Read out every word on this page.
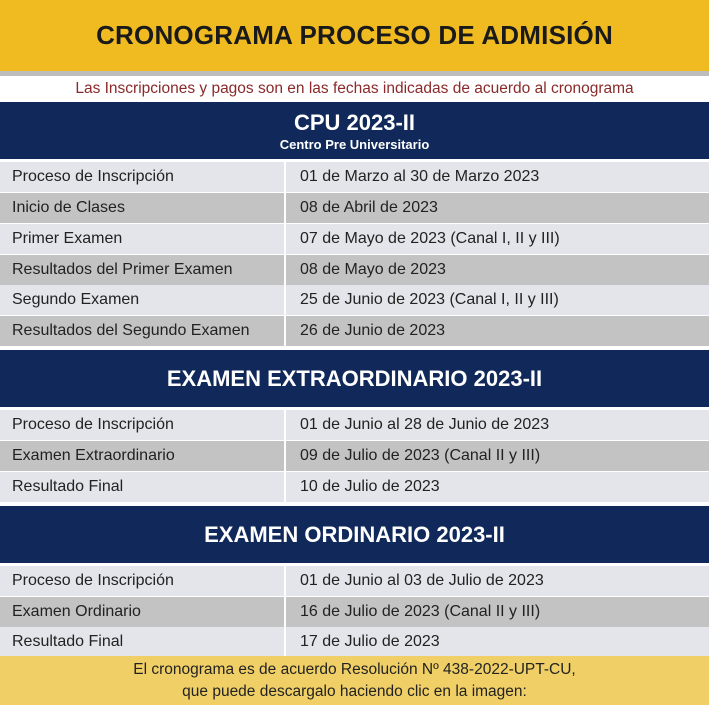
CRONOGRAMA PROCESO DE ADMISIÓN
Las Inscripciones y pagos son en las fechas indicadas de acuerdo al cronograma
CPU 2023-II
Centro Pre Universitario
Proceso de Inscripción	01 de Marzo al 30 de Marzo 2023
Inicio de Clases	08 de Abril de 2023
Primer Examen	07 de Mayo de 2023 (Canal I, II y III)
Resultados del Primer Examen	08 de Mayo de 2023
Segundo Examen	25 de Junio de 2023 (Canal I, II y III)
Resultados del Segundo Examen	26 de Junio de 2023
EXAMEN EXTRAORDINARIO 2023-II
Proceso de Inscripción	01 de Junio al 28 de Junio de 2023
Examen Extraordinario	09 de Julio de 2023 (Canal II y III)
Resultado Final	10 de Julio de 2023
EXAMEN ORDINARIO 2023-II
Proceso de Inscripción	01 de Junio al 03 de Julio de 2023
Examen Ordinario	16 de Julio de 2023 (Canal II y III)
Resultado Final	17 de Julio de 2023
El cronograma es de acuerdo Resolución Nº 438-2022-UPT-CU,
que puede descargalo haciendo clic en la imagen:
